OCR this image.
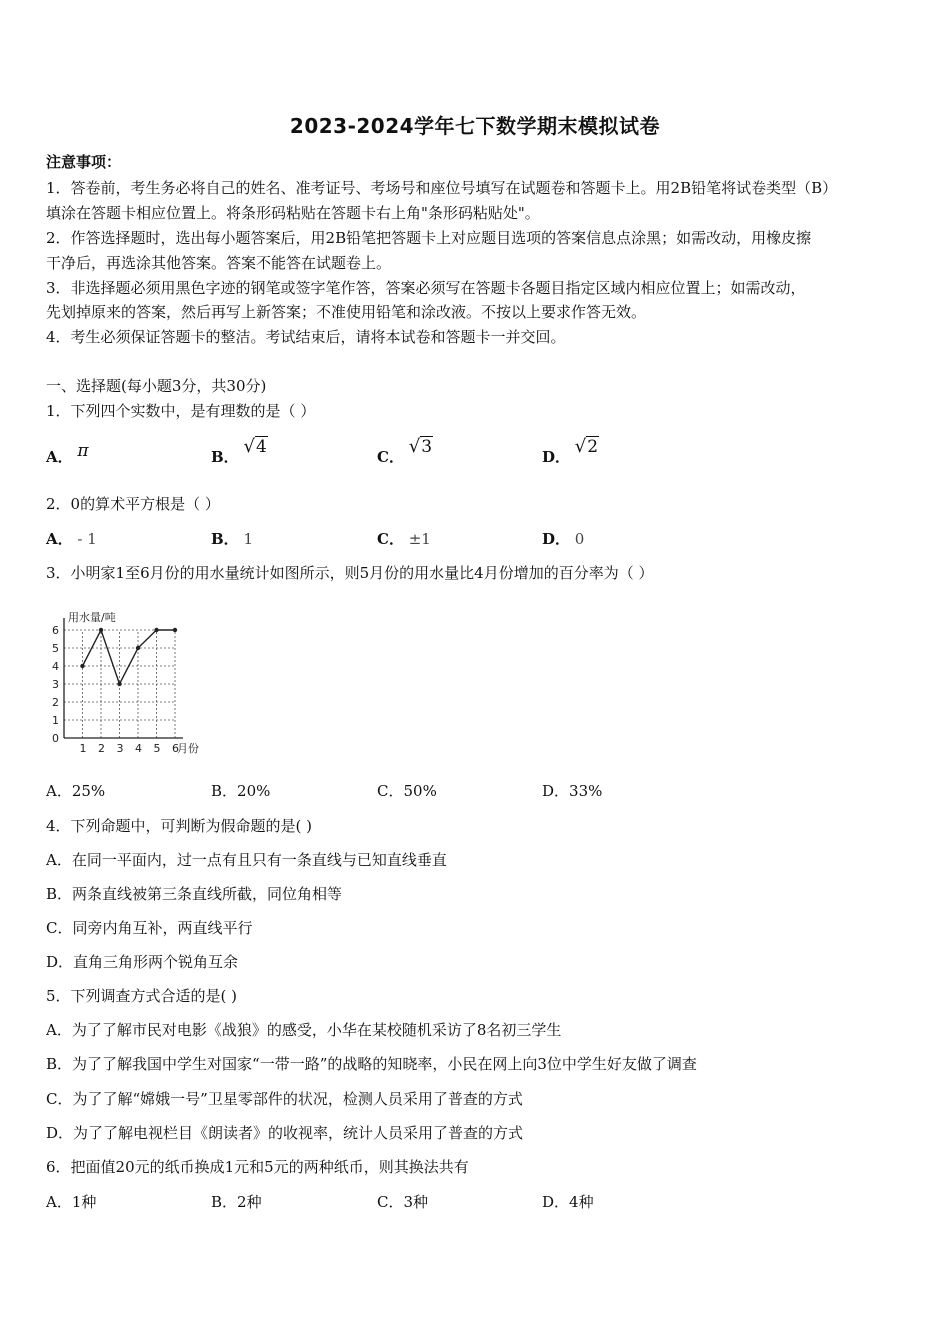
2023-2024学年七下数学期末模拟试卷
注意事项：
1．答卷前，考生务必将自己的姓名、准考证号、考场号和座位号填写在试题卷和答题卡上。用2B铅笔将试卷类型（B）
填涂在答题卡相应位置上。将条形码粘贴在答题卡右上角"条形码粘贴处"。
2．作答选择题时，选出每小题答案后，用2B铅笔把答题卡上对应题目选项的答案信息点涂黑；如需改动，用橡皮擦
干净后，再选涂其他答案。答案不能答在试题卷上。
3．非选择题必须用黑色字迹的钢笔或签字笔作答，答案必须写在答题卡各题目指定区域内相应位置上；如需改动，
先划掉原来的答案，然后再写上新答案；不准使用铅笔和涂改液。不按以上要求作答无效。
4．考生必须保证答题卡的整洁。考试结束后，请将本试卷和答题卡一并交回。
一、选择题(每小题3分，共30分)
1．下列四个实数中，是有理数的是（ ）
A． π	B． √4	C． √3	D． √2
2．0的算术平方根是（ ）
A． - 1	B． 1	C． ±1	D． 0
3．小明家1至6月份的用水量统计如图所示，则5月份的用水量比4月份增加的百分率为（ ）
0
1
2
3
4
5
6
1 2 3 4 5 6
用水量/吨
月份
A．25%	B．20%	C．50%	D．33%
4．下列命题中，可判断为假命题的是( )
A．在同一平面内，过一点有且只有一条直线与已知直线垂直
B．两条直线被第三条直线所截，同位角相等
C．同旁内角互补，两直线平行
D．直角三角形两个锐角互余
5．下列调查方式合适的是( )
A．为了了解市民对电影《战狼》的感受，小华在某校随机采访了8名初三学生
B．为了了解我国中学生对国家“一带一路”的战略的知晓率，小民在网上向3位中学生好友做了调查
C．为了了解“嫦娥一号”卫星零部件的状况，检测人员采用了普查的方式
D．为了了解电视栏目《朗读者》的收视率，统计人员采用了普查的方式
6．把面值20元的纸币换成1元和5元的两种纸币，则其换法共有
A．1种	B．2种	C．3种	D．4种
